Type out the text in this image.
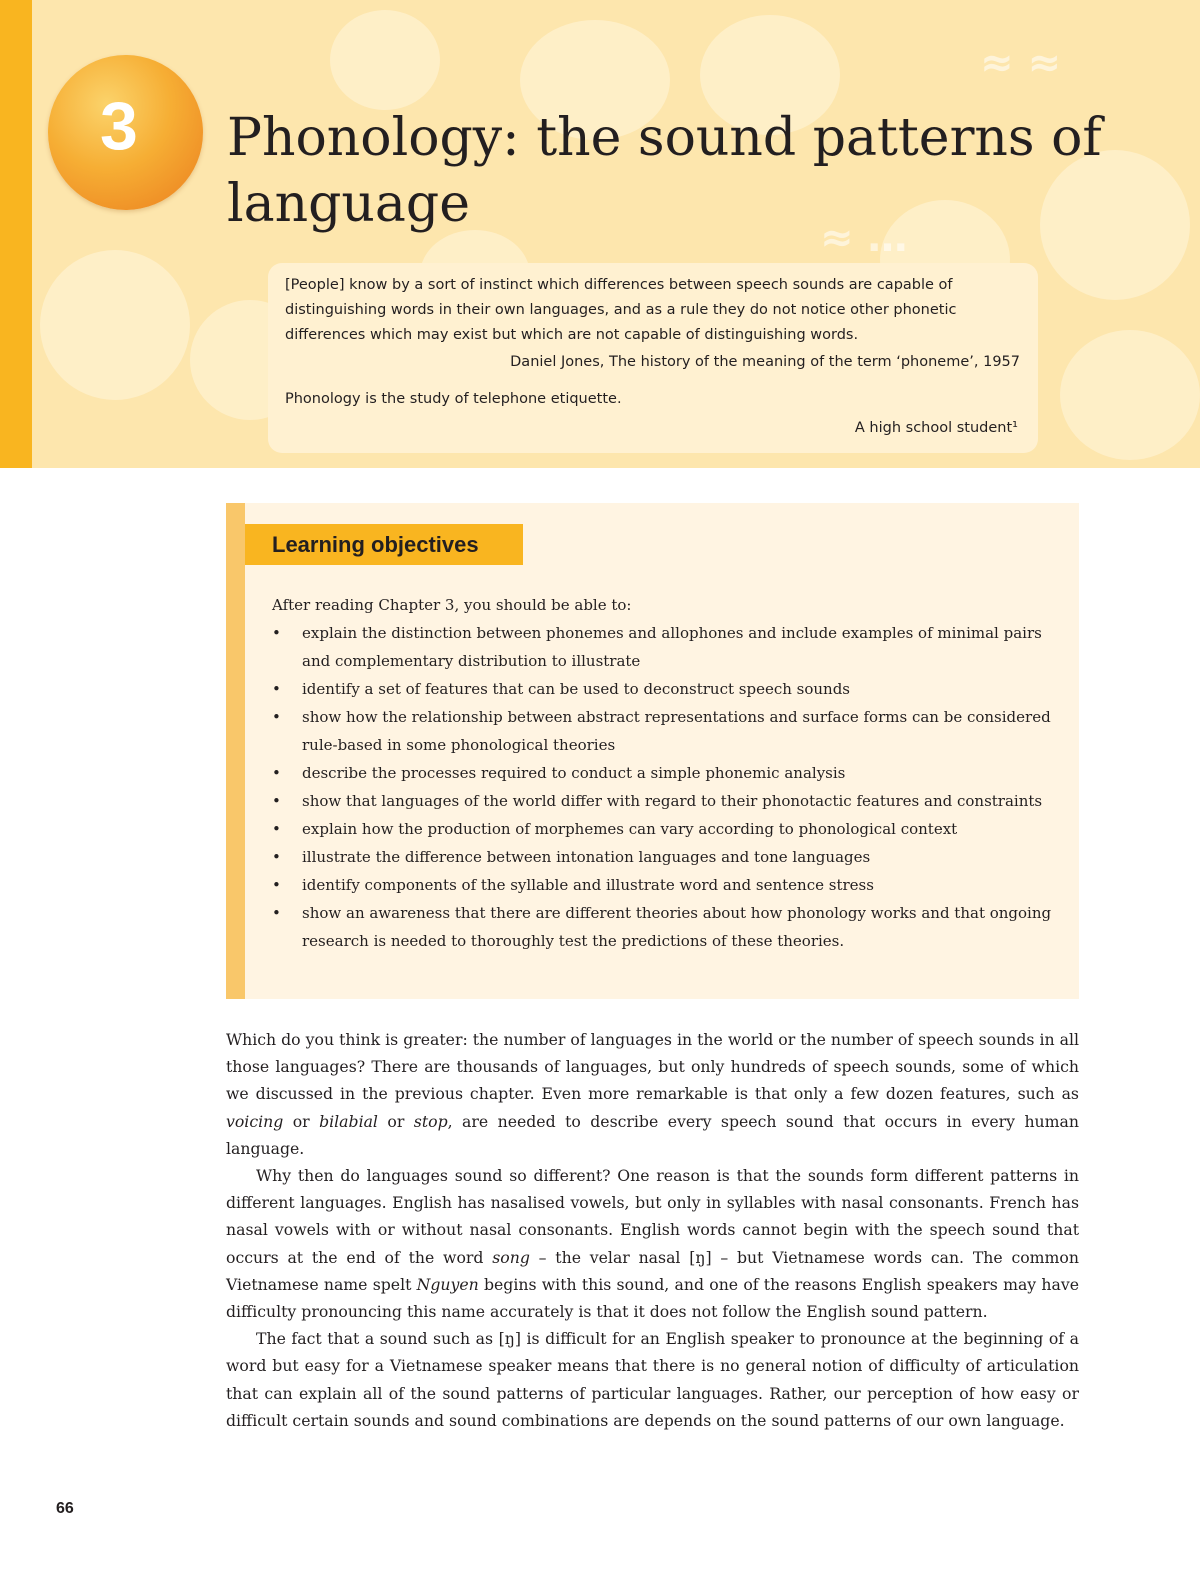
≈ ≈
≈ …
3 Phonology: the sound patterns of language

[People] know by a sort of instinct which differences between speech sounds are capable of distinguishing words in their own languages, and as a rule they do not notice other phonetic differences which may exist but which are not capable of distinguishing words.

Daniel Jones, The history of the meaning of the term ‘phoneme’, 1957

Phonology is the study of telephone etiquette.

A high school student¹

Learning objectives

After reading Chapter 3, you should be able to:

• explain the distinction between phonemes and allophones and include examples of minimal pairs and complementary distribution to illustrate
• identify a set of features that can be used to deconstruct speech sounds
• show how the relationship between abstract representations and surface forms can be considered rule-based in some phonological theories
• describe the processes required to conduct a simple phonemic analysis
• show that languages of the world differ with regard to their phonotactic features and constraints
• explain how the production of morphemes can vary according to phonological context
• illustrate the difference between intonation languages and tone languages
• identify components of the syllable and illustrate word and sentence stress
• show an awareness that there are different theories about how phonology works and that ongoing research is needed to thoroughly test the predictions of these theories.

Which do you think is greater: the number of languages in the world or the number of speech sounds in all those languages? There are thousands of languages, but only hundreds of speech sounds, some of which we discussed in the previous chapter. Even more remarkable is that only a few dozen features, such as voicing or bilabial or stop, are needed to describe every speech sound that occurs in every human language.

Why then do languages sound so different? One reason is that the sounds form different patterns in different languages. English has nasalised vowels, but only in syllables with nasal consonants. French has nasal vowels with or without nasal consonants. English words cannot begin with the speech sound that occurs at the end of the word song – the velar nasal [ŋ] – but Vietnamese words can. The common Vietnamese name spelt Nguyen begins with this sound, and one of the reasons English speakers may have difficulty pronouncing this name accurately is that it does not follow the English sound pattern.

The fact that a sound such as [ŋ] is difficult for an English speaker to pronounce at the beginning of a word but easy for a Vietnamese speaker means that there is no general notion of difficulty of articulation that can explain all of the sound patterns of particular languages. Rather, our perception of how easy or difficult certain sounds and sound combinations are depends on the sound patterns of our own language.

66
